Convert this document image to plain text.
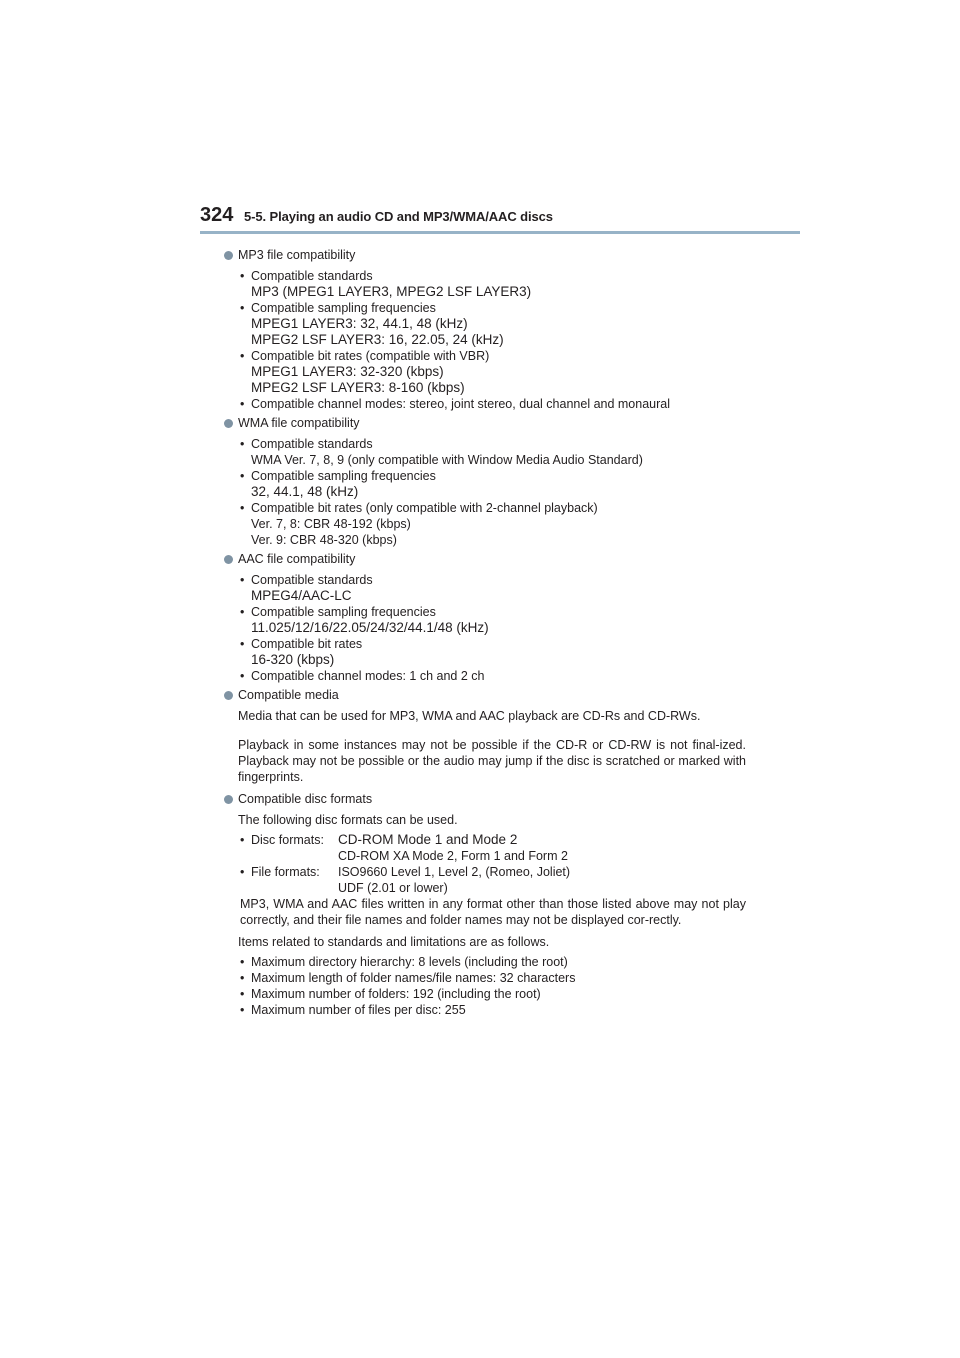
324 5-5. Playing an audio CD and MP3/WMA/AAC discs
MP3 file compatibility
• Compatible standards
MP3 (MPEG1 LAYER3, MPEG2 LSF LAYER3)
• Compatible sampling frequencies
MPEG1 LAYER3: 32, 44.1, 48 (kHz)
MPEG2 LSF LAYER3: 16, 22.05, 24 (kHz)
• Compatible bit rates (compatible with VBR)
MPEG1 LAYER3: 32-320 (kbps)
MPEG2 LSF LAYER3: 8-160 (kbps)
• Compatible channel modes: stereo, joint stereo, dual channel and monaural
WMA file compatibility
• Compatible standards
WMA Ver. 7, 8, 9 (only compatible with Window Media Audio Standard)
• Compatible sampling frequencies
32, 44.1, 48 (kHz)
• Compatible bit rates (only compatible with 2-channel playback)
Ver. 7, 8: CBR 48-192 (kbps)
Ver. 9: CBR 48-320 (kbps)
AAC file compatibility
• Compatible standards
MPEG4/AAC-LC
• Compatible sampling frequencies
11.025/12/16/22.05/24/32/44.1/48 (kHz)
• Compatible bit rates
16-320 (kbps)
• Compatible channel modes: 1 ch and 2 ch
Compatible media

Media that can be used for MP3, WMA and AAC playback are CD-Rs and CD-RWs.

Playback in some instances may not be possible if the CD-R or CD-RW is not final-ized. Playback may not be possible or the audio may jump if the disc is scratched or marked with fingerprints.

Compatible disc formats

The following disc formats can be used.

• Disc formats: CD-ROM Mode 1 and Mode 2
CD-ROM XA Mode 2, Form 1 and Form 2
• File formats: ISO9660 Level 1, Level 2, (Romeo, Joliet)
UDF (2.01 or lower)

MP3, WMA and AAC files written in any format other than those listed above may not play correctly, and their file names and folder names may not be displayed cor-rectly.

Items related to standards and limitations are as follows.

• Maximum directory hierarchy: 8 levels (including the root)
• Maximum length of folder names/file names: 32 characters
• Maximum number of folders: 192 (including the root)
• Maximum number of files per disc: 255
